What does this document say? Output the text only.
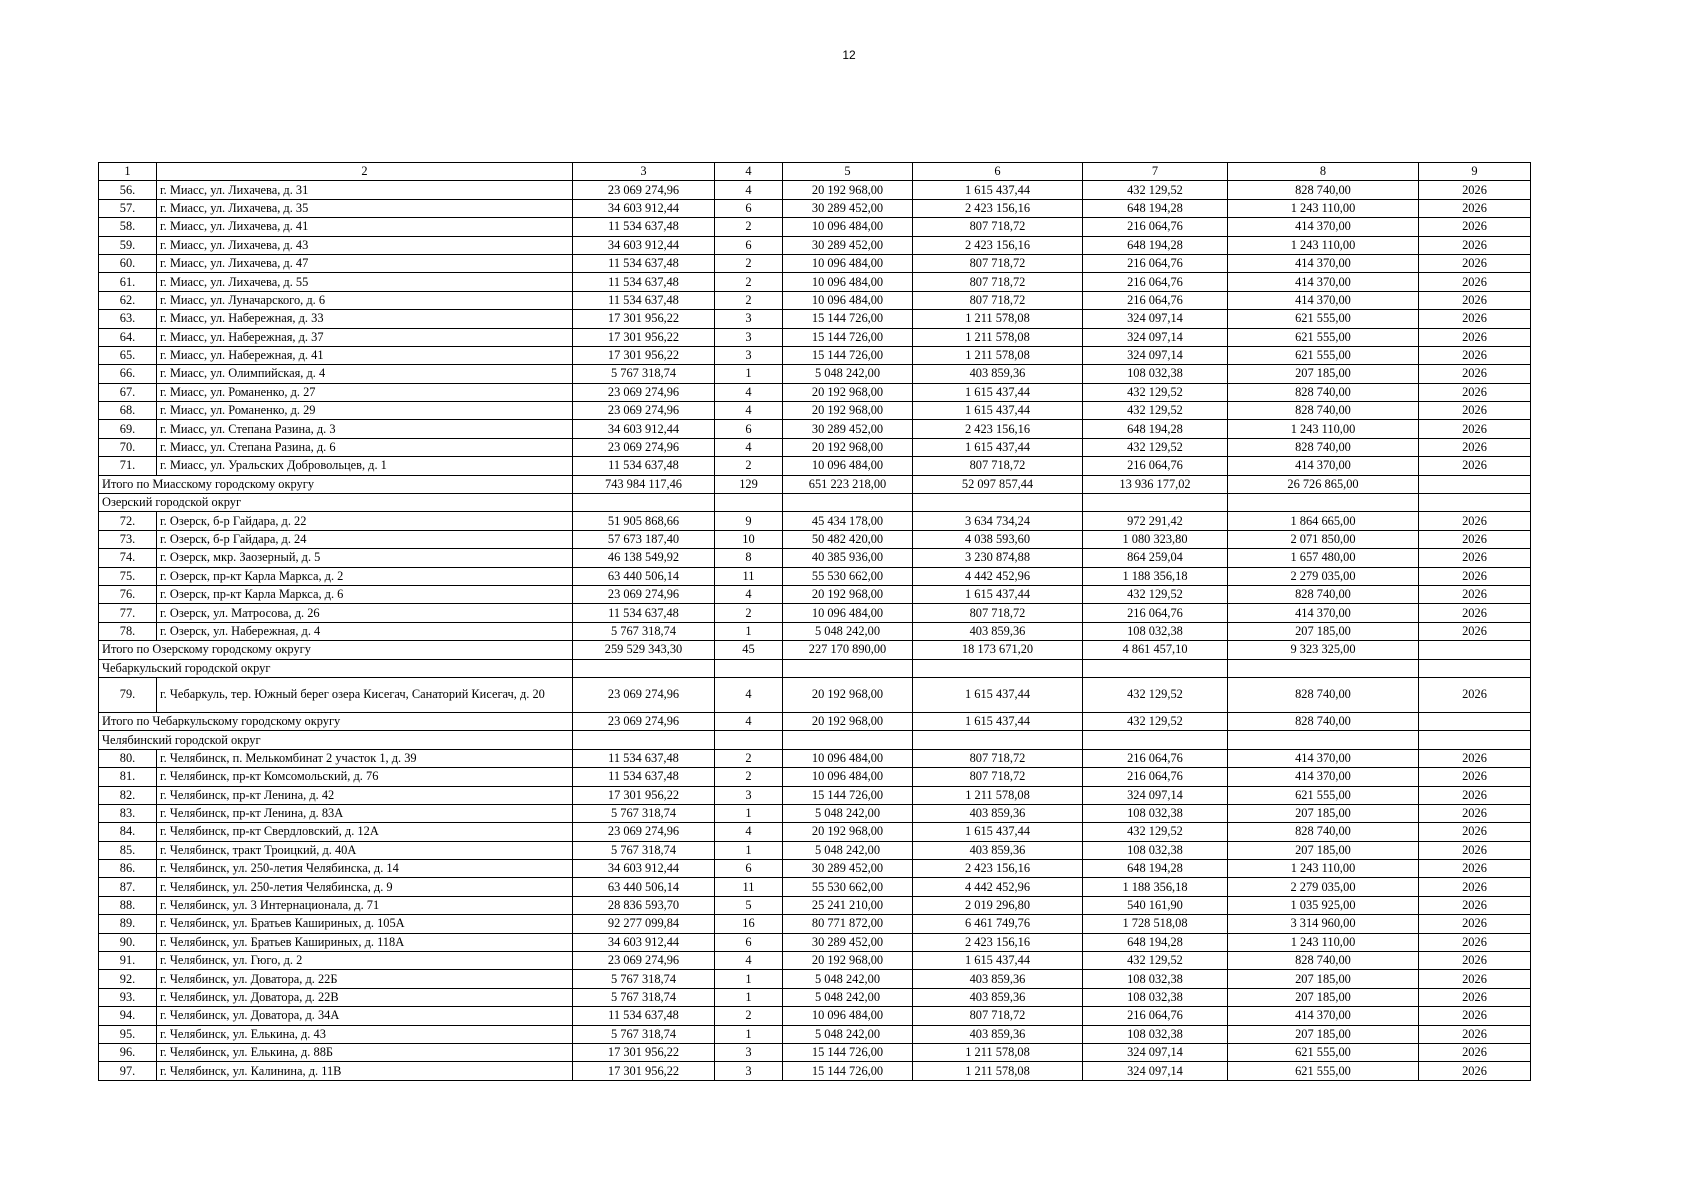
12
1	2	3	4	5	6	7	8	9
56.	г. Миасс, ул. Лихачева, д. 31	23 069 274,96	4	20 192 968,00	1 615 437,44	432 129,52	828 740,00	2026
57.	г. Миасс, ул. Лихачева, д. 35	34 603 912,44	6	30 289 452,00	2 423 156,16	648 194,28	1 243 110,00	2026
58.	г. Миасс, ул. Лихачева, д. 41	11 534 637,48	2	10 096 484,00	807 718,72	216 064,76	414 370,00	2026
59.	г. Миасс, ул. Лихачева, д. 43	34 603 912,44	6	30 289 452,00	2 423 156,16	648 194,28	1 243 110,00	2026
60.	г. Миасс, ул. Лихачева, д. 47	11 534 637,48	2	10 096 484,00	807 718,72	216 064,76	414 370,00	2026
61.	г. Миасс, ул. Лихачева, д. 55	11 534 637,48	2	10 096 484,00	807 718,72	216 064,76	414 370,00	2026
62.	г. Миасс, ул. Луначарского, д. 6	11 534 637,48	2	10 096 484,00	807 718,72	216 064,76	414 370,00	2026
63.	г. Миасс, ул. Набережная, д. 33	17 301 956,22	3	15 144 726,00	1 211 578,08	324 097,14	621 555,00	2026
64.	г. Миасс, ул. Набережная, д. 37	17 301 956,22	3	15 144 726,00	1 211 578,08	324 097,14	621 555,00	2026
65.	г. Миасс, ул. Набережная, д. 41	17 301 956,22	3	15 144 726,00	1 211 578,08	324 097,14	621 555,00	2026
66.	г. Миасс, ул. Олимпийская, д. 4	5 767 318,74	1	5 048 242,00	403 859,36	108 032,38	207 185,00	2026
67.	г. Миасс, ул. Романенко, д. 27	23 069 274,96	4	20 192 968,00	1 615 437,44	432 129,52	828 740,00	2026
68.	г. Миасс, ул. Романенко, д. 29	23 069 274,96	4	20 192 968,00	1 615 437,44	432 129,52	828 740,00	2026
69.	г. Миасс, ул. Степана Разина, д. 3	34 603 912,44	6	30 289 452,00	2 423 156,16	648 194,28	1 243 110,00	2026
70.	г. Миасс, ул. Степана Разина, д. 6	23 069 274,96	4	20 192 968,00	1 615 437,44	432 129,52	828 740,00	2026
71.	г. Миасс, ул. Уральских Добровольцев, д. 1	11 534 637,48	2	10 096 484,00	807 718,72	216 064,76	414 370,00	2026
Итого по Миасскому городскому округу		743 984 117,46	129	651 223 218,00	52 097 857,44	13 936 177,02	26 726 865,00	
Озерский городской округ								
72.	г. Озерск, б-р Гайдара, д. 22	51 905 868,66	9	45 434 178,00	3 634 734,24	972 291,42	1 864 665,00	2026
73.	г. Озерск, б-р Гайдара, д. 24	57 673 187,40	10	50 482 420,00	4 038 593,60	1 080 323,80	2 071 850,00	2026
74.	г. Озерск, мкр. Заозерный, д. 5	46 138 549,92	8	40 385 936,00	3 230 874,88	864 259,04	1 657 480,00	2026
75.	г. Озерск, пр-кт Карла Маркса, д. 2	63 440 506,14	11	55 530 662,00	4 442 452,96	1 188 356,18	2 279 035,00	2026
76.	г. Озерск, пр-кт Карла Маркса, д. 6	23 069 274,96	4	20 192 968,00	1 615 437,44	432 129,52	828 740,00	2026
77.	г. Озерск, ул. Матросова, д. 26	11 534 637,48	2	10 096 484,00	807 718,72	216 064,76	414 370,00	2026
78.	г. Озерск, ул. Набережная, д. 4	5 767 318,74	1	5 048 242,00	403 859,36	108 032,38	207 185,00	2026
Итого по Озерскому городскому округу		259 529 343,30	45	227 170 890,00	18 173 671,20	4 861 457,10	9 323 325,00	
Чебаркульский городской округ								
79.	г. Чебаркуль, тер. Южный берег озера Кисегач, Санаторий Кисегач, д. 20	23 069 274,96	4	20 192 968,00	1 615 437,44	432 129,52	828 740,00	2026
Итого по Чебаркульскому городскому округу		23 069 274,96	4	20 192 968,00	1 615 437,44	432 129,52	828 740,00	
Челябинский городской округ								
80.	г. Челябинск, п. Мелькомбинат 2 участок 1, д. 39	11 534 637,48	2	10 096 484,00	807 718,72	216 064,76	414 370,00	2026
81.	г. Челябинск, пр-кт Комсомольский, д. 76	11 534 637,48	2	10 096 484,00	807 718,72	216 064,76	414 370,00	2026
82.	г. Челябинск, пр-кт Ленина, д. 42	17 301 956,22	3	15 144 726,00	1 211 578,08	324 097,14	621 555,00	2026
83.	г. Челябинск, пр-кт Ленина, д. 83А	5 767 318,74	1	5 048 242,00	403 859,36	108 032,38	207 185,00	2026
84.	г. Челябинск, пр-кт Свердловский, д. 12А	23 069 274,96	4	20 192 968,00	1 615 437,44	432 129,52	828 740,00	2026
85.	г. Челябинск, тракт Троицкий, д. 40А	5 767 318,74	1	5 048 242,00	403 859,36	108 032,38	207 185,00	2026
86.	г. Челябинск, ул. 250-летия Челябинска, д. 14	34 603 912,44	6	30 289 452,00	2 423 156,16	648 194,28	1 243 110,00	2026
87.	г. Челябинск, ул. 250-летия Челябинска, д. 9	63 440 506,14	11	55 530 662,00	4 442 452,96	1 188 356,18	2 279 035,00	2026
88.	г. Челябинск, ул. 3 Интернационала, д. 71	28 836 593,70	5	25 241 210,00	2 019 296,80	540 161,90	1 035 925,00	2026
89.	г. Челябинск, ул. Братьев Кашириных, д. 105А	92 277 099,84	16	80 771 872,00	6 461 749,76	1 728 518,08	3 314 960,00	2026
90.	г. Челябинск, ул. Братьев Кашириных, д. 118А	34 603 912,44	6	30 289 452,00	2 423 156,16	648 194,28	1 243 110,00	2026
91.	г. Челябинск, ул. Гюго, д. 2	23 069 274,96	4	20 192 968,00	1 615 437,44	432 129,52	828 740,00	2026
92.	г. Челябинск, ул. Доватора, д. 22Б	5 767 318,74	1	5 048 242,00	403 859,36	108 032,38	207 185,00	2026
93.	г. Челябинск, ул. Доватора, д. 22В	5 767 318,74	1	5 048 242,00	403 859,36	108 032,38	207 185,00	2026
94.	г. Челябинск, ул. Доватора, д. 34А	11 534 637,48	2	10 096 484,00	807 718,72	216 064,76	414 370,00	2026
95.	г. Челябинск, ул. Елькина, д. 43	5 767 318,74	1	5 048 242,00	403 859,36	108 032,38	207 185,00	2026
96.	г. Челябинск, ул. Елькина, д. 88Б	17 301 956,22	3	15 144 726,00	1 211 578,08	324 097,14	621 555,00	2026
97.	г. Челябинск, ул. Калинина, д. 11В	17 301 956,22	3	15 144 726,00	1 211 578,08	324 097,14	621 555,00	2026
